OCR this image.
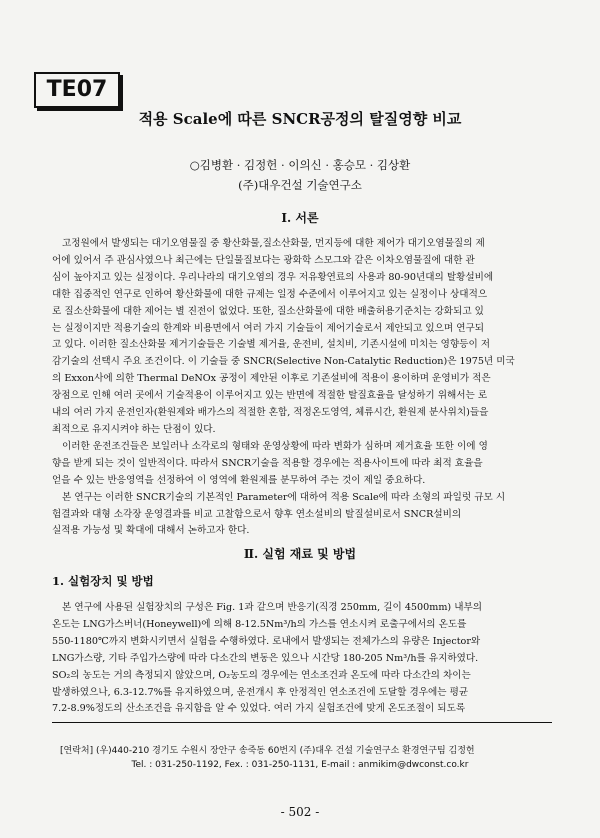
TE07
적용 Scale에 따른 SNCR공정의 탈질영향 비교
○김병환 · 김정헌 · 이의신 · 홍승모 · 김상환
(주)대우건설 기술연구소
Ⅰ. 서론
고정원에서 발생되는 대기오염물질 중 황산화물,질소산화물, 먼지등에 대한 제어가 대기오염물질의 제
어에 있어서 주 관심사였으나 최근에는 단일물질보다는 광화학 스모그와 같은 이차오염물질에 대한 관
심이 높아지고 있는 실정이다. 우리나라의 대기오염의 경우 저유황연료의 사용과 80-90년대의 탈황설비에
대한 집중적인 연구로 인하여 황산화물에 대한 규제는 일정 수준에서 이루어지고 있는 실정이나 상대적으
로 질소산화물에 대한 제어는 별 진전이 없었다. 또한, 질소산화물에 대한 배출허용기준치는 강화되고 있
는 실정이지만 적용기술의 한계와 비용면에서 여러 가지 기술들이 제어기술로서 제안되고 있으며 연구되
고 있다. 이러한 질소산화물 제거기술들은 기술별 제거율, 운전비, 설치비, 기존시설에 미치는 영향등이 저
감기술의 선택시 주요 조건이다. 이 기술들 중 SNCR(Selective Non-Catalytic Reduction)은 1975년 미국
의 Exxon사에 의한 Thermal DeNOx 공정이 제안된 이후로 기존설비에 적용이 용이하며 운영비가 적은
장점으로 인해 여러 곳에서 기술적용이 이루어지고 있는 반면에 적절한 탈질효율을 달성하기 위해서는 로
내의 여러 가지 운전인자(환원제와 배가스의 적절한 혼합, 적정온도영역, 체류시간, 환원제 분사위치)들을
최적으로 유지시켜야 하는 단점이 있다.
이러한 운전조건들은 보일러나 소각로의 형태와 운영상황에 따라 변화가 심하며 제거효율 또한 이에 영
향을 받게 되는 것이 일반적이다. 따라서 SNCR기술을 적용할 경우에는 적용사이트에 따라 최적 효율을
얻을 수 있는 반응영역을 선정하여 이 영역에 환원제를 분무하여 주는 것이 제일 중요하다.
본 연구는 이러한 SNCR기술의 기본적인 Parameter에 대하여 적용 Scale에 따라 소형의 파일럿 규모 시
험결과와 대형 소각장 운영결과를 비교 고찰함으로서 향후 연소설비의 탈질설비로서 SNCR설비의
실적용 가능성 및 확대에 대해서 논하고자 한다.
Ⅱ. 실험 재료 및 방법
1. 실험장치 및 방법
본 연구에 사용된 실험장치의 구성은 Fig. 1과 같으며 반응기(직경 250mm, 길이 4500mm) 내부의
온도는 LNG가스버너(Honeywell)에 의해 8-12.5Nm³/h의 가스를 연소시켜 로출구에서의 온도를
550-1180℃까지 변화시키면서 실험을 수행하였다. 로내에서 발생되는 전체가스의 유량은 Injector와
LNG가스량, 기타 주입가스량에 따라 다소간의 변동은 있으나 시간당 180-205 Nm³/h를 유지하였다.
SO₂의 농도는 거의 측정되지 않았으며, O₂농도의 경우에는 연소조건과 온도에 따라 다소간의 차이는
발생하였으나, 6.3-12.7%를 유지하였으며, 운전개시 후 안정적인 연소조건에 도달할 경우에는 평균
7.2-8.9%정도의 산소조건을 유지함을 알 수 있었다. 여러 가지 실험조건에 맞게 온도조절이 되도록
[연락처] (우)440-210 경기도 수원시 장안구 송죽동 60번지 (주)대우 건설 기술연구소 환경연구팀 김정헌
Tel. : 031-250-1192, Fex. : 031-250-1131, E-mail : anmikim@dwconst.co.kr
- 502 -
